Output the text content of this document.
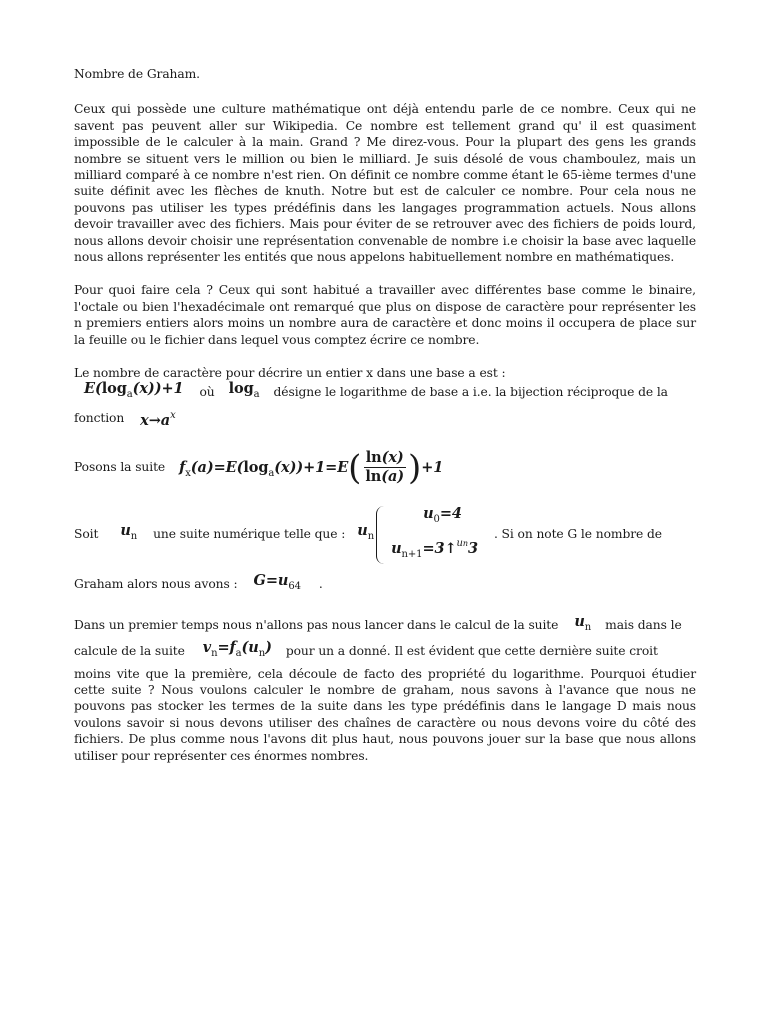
Nombre de Graham.

Ceux qui possède une culture mathématique ont déjà entendu parle de ce nombre. Ceux qui ne savent pas peuvent aller sur Wikipedia. Ce nombre est tellement grand qu' il est quasiment impossible de le calculer à la main. Grand ? Me direz-vous. Pour la plupart des gens les grands nombre se situent vers le million ou bien le milliard. Je suis désolé de vous chamboulez, mais un milliard comparé à ce nombre n'est rien. On définit ce nombre comme étant le 65-ième termes d'une suite définit avec les flèches de knuth. Notre but est de calculer ce nombre. Pour cela nous ne pouvons pas utiliser les types prédéfinis dans les langages programmation actuels. Nous allons devoir travailler avec des fichiers. Mais pour éviter de se retrouver avec des fichiers de poids lourd, nous allons devoir choisir une représentation convenable de nombre i.e choisir la base avec laquelle nous allons représenter les entités que nous appelons habituellement nombre en mathématiques.

Pour quoi faire cela ? Ceux qui sont habitué a travailler avec différentes base comme le binaire, l'octale ou bien l'hexadécimale ont remarqué que plus on dispose de caractère pour représenter les n premiers entiers alors moins un nombre aura de caractère et donc moins il occupera de place sur la feuille ou le fichier dans lequel vous comptez écrire ce nombre.

Le nombre de caractère pour décrire un entier x dans une base a est :
$E(\log_a(x))+1$ où $\log_a$ désigne le logarithme de base a i.e. la bijection réciproque de la
fonction $x\to a^x$
Posons la suite $f_x(a)=E(\log_a(x))+1=E( \frac{\ln(x)}{\ln(a)} )+1$
Soit $u_n$ une suite numérique telle que : $u_n$
$u_0=4$
$u_{n+1}=3↑^{un}3$
. Si on note G le nombre de
Graham alors nous avons : $G=u_{64}$ .
Dans un premier temps nous n'allons pas nous lancer dans le calcul de la suite $u_n$ mais dans le
calcule de la suite $v_n=f_a(u_n)$ pour un a donné. Il est évident que cette dernière suite croit

moins vite que la première, cela découle de facto des propriété du logarithme. Pourquoi étudier cette suite ? Nous voulons calculer le nombre de graham, nous savons à l'avance que nous ne pouvons pas stocker les termes de la suite dans les type prédéfinis dans le langage D mais nous voulons savoir si nous devons utiliser des chaînes de caractère ou nous devons voire du côté des fichiers. De plus comme nous l'avons dit plus haut, nous pouvons jouer sur la base que nous allons utiliser pour représenter ces énormes nombres.
